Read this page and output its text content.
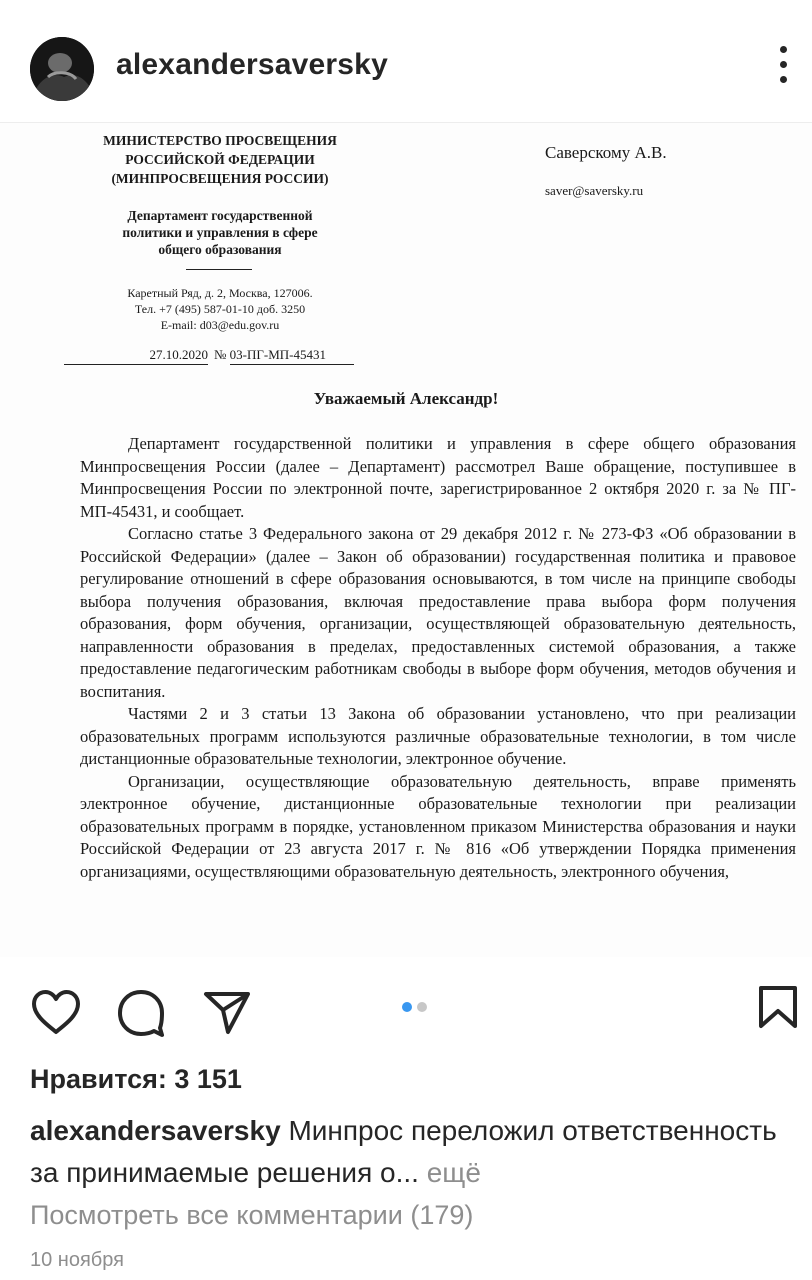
alexandersaversky
МИНИСТЕРСТВО ПРОСВЕЩЕНИЯ
РОССИЙСКОЙ ФЕДЕРАЦИИ
(МИНПРОСВЕЩЕНИЯ РОССИИ)
Департамент государственной
политики и управления в сфере
общего образования
Каретный Ряд, д. 2, Москва, 127006.
Тел. +7 (495) 587-01-10 доб. 3250
E-mail: d03@edu.gov.ru
27.10.2020 № 03-ПГ-МП-45431
Саверскому А.В.
saver@saversky.ru
Уважаемый Александр!

Департамент государственной политики и управления в сфере общего образования Минпросвещения России (далее – Департамент) рассмотрел Ваше обращение, поступившее в Минпросвещения России по электронной почте, зарегистрированное 2 октября 2020 г. за № ПГ-МП-45431, и сообщает.

Согласно статье 3 Федерального закона от 29 декабря 2012 г. № 273-ФЗ «Об образовании в Российской Федерации» (далее – Закон об образовании) государственная политика и правовое регулирование отношений в сфере образования основываются, в том числе на принципе свободы выбора получения образования, включая предоставление права выбора форм получения образования, форм обучения, организации, осуществляющей образовательную деятельность, направленности образования в пределах, предоставленных системой образования, а также предоставление педагогическим работникам свободы в выборе форм обучения, методов обучения и воспитания.

Частями 2 и 3 статьи 13 Закона об образовании установлено, что при реализации образовательных программ используются различные образовательные технологии, в том числе дистанционные образовательные технологии, электронное обучение.

Организации, осуществляющие образовательную деятельность, вправе применять электронное обучение, дистанционные образовательные технологии при реализации образовательных программ в порядке, установленном приказом Министерства образования и науки Российской Федерации от 23 августа 2017 г. № 816 «Об утверждении Порядка применения организациями, осуществляющими образовательную деятельность, электронного обучения,

Нравится: 3 151
alexandersaversky Минпрос переложил ответственность за принимаемые решения о... ещё
Посмотреть все комментарии (179)
10 ноября
